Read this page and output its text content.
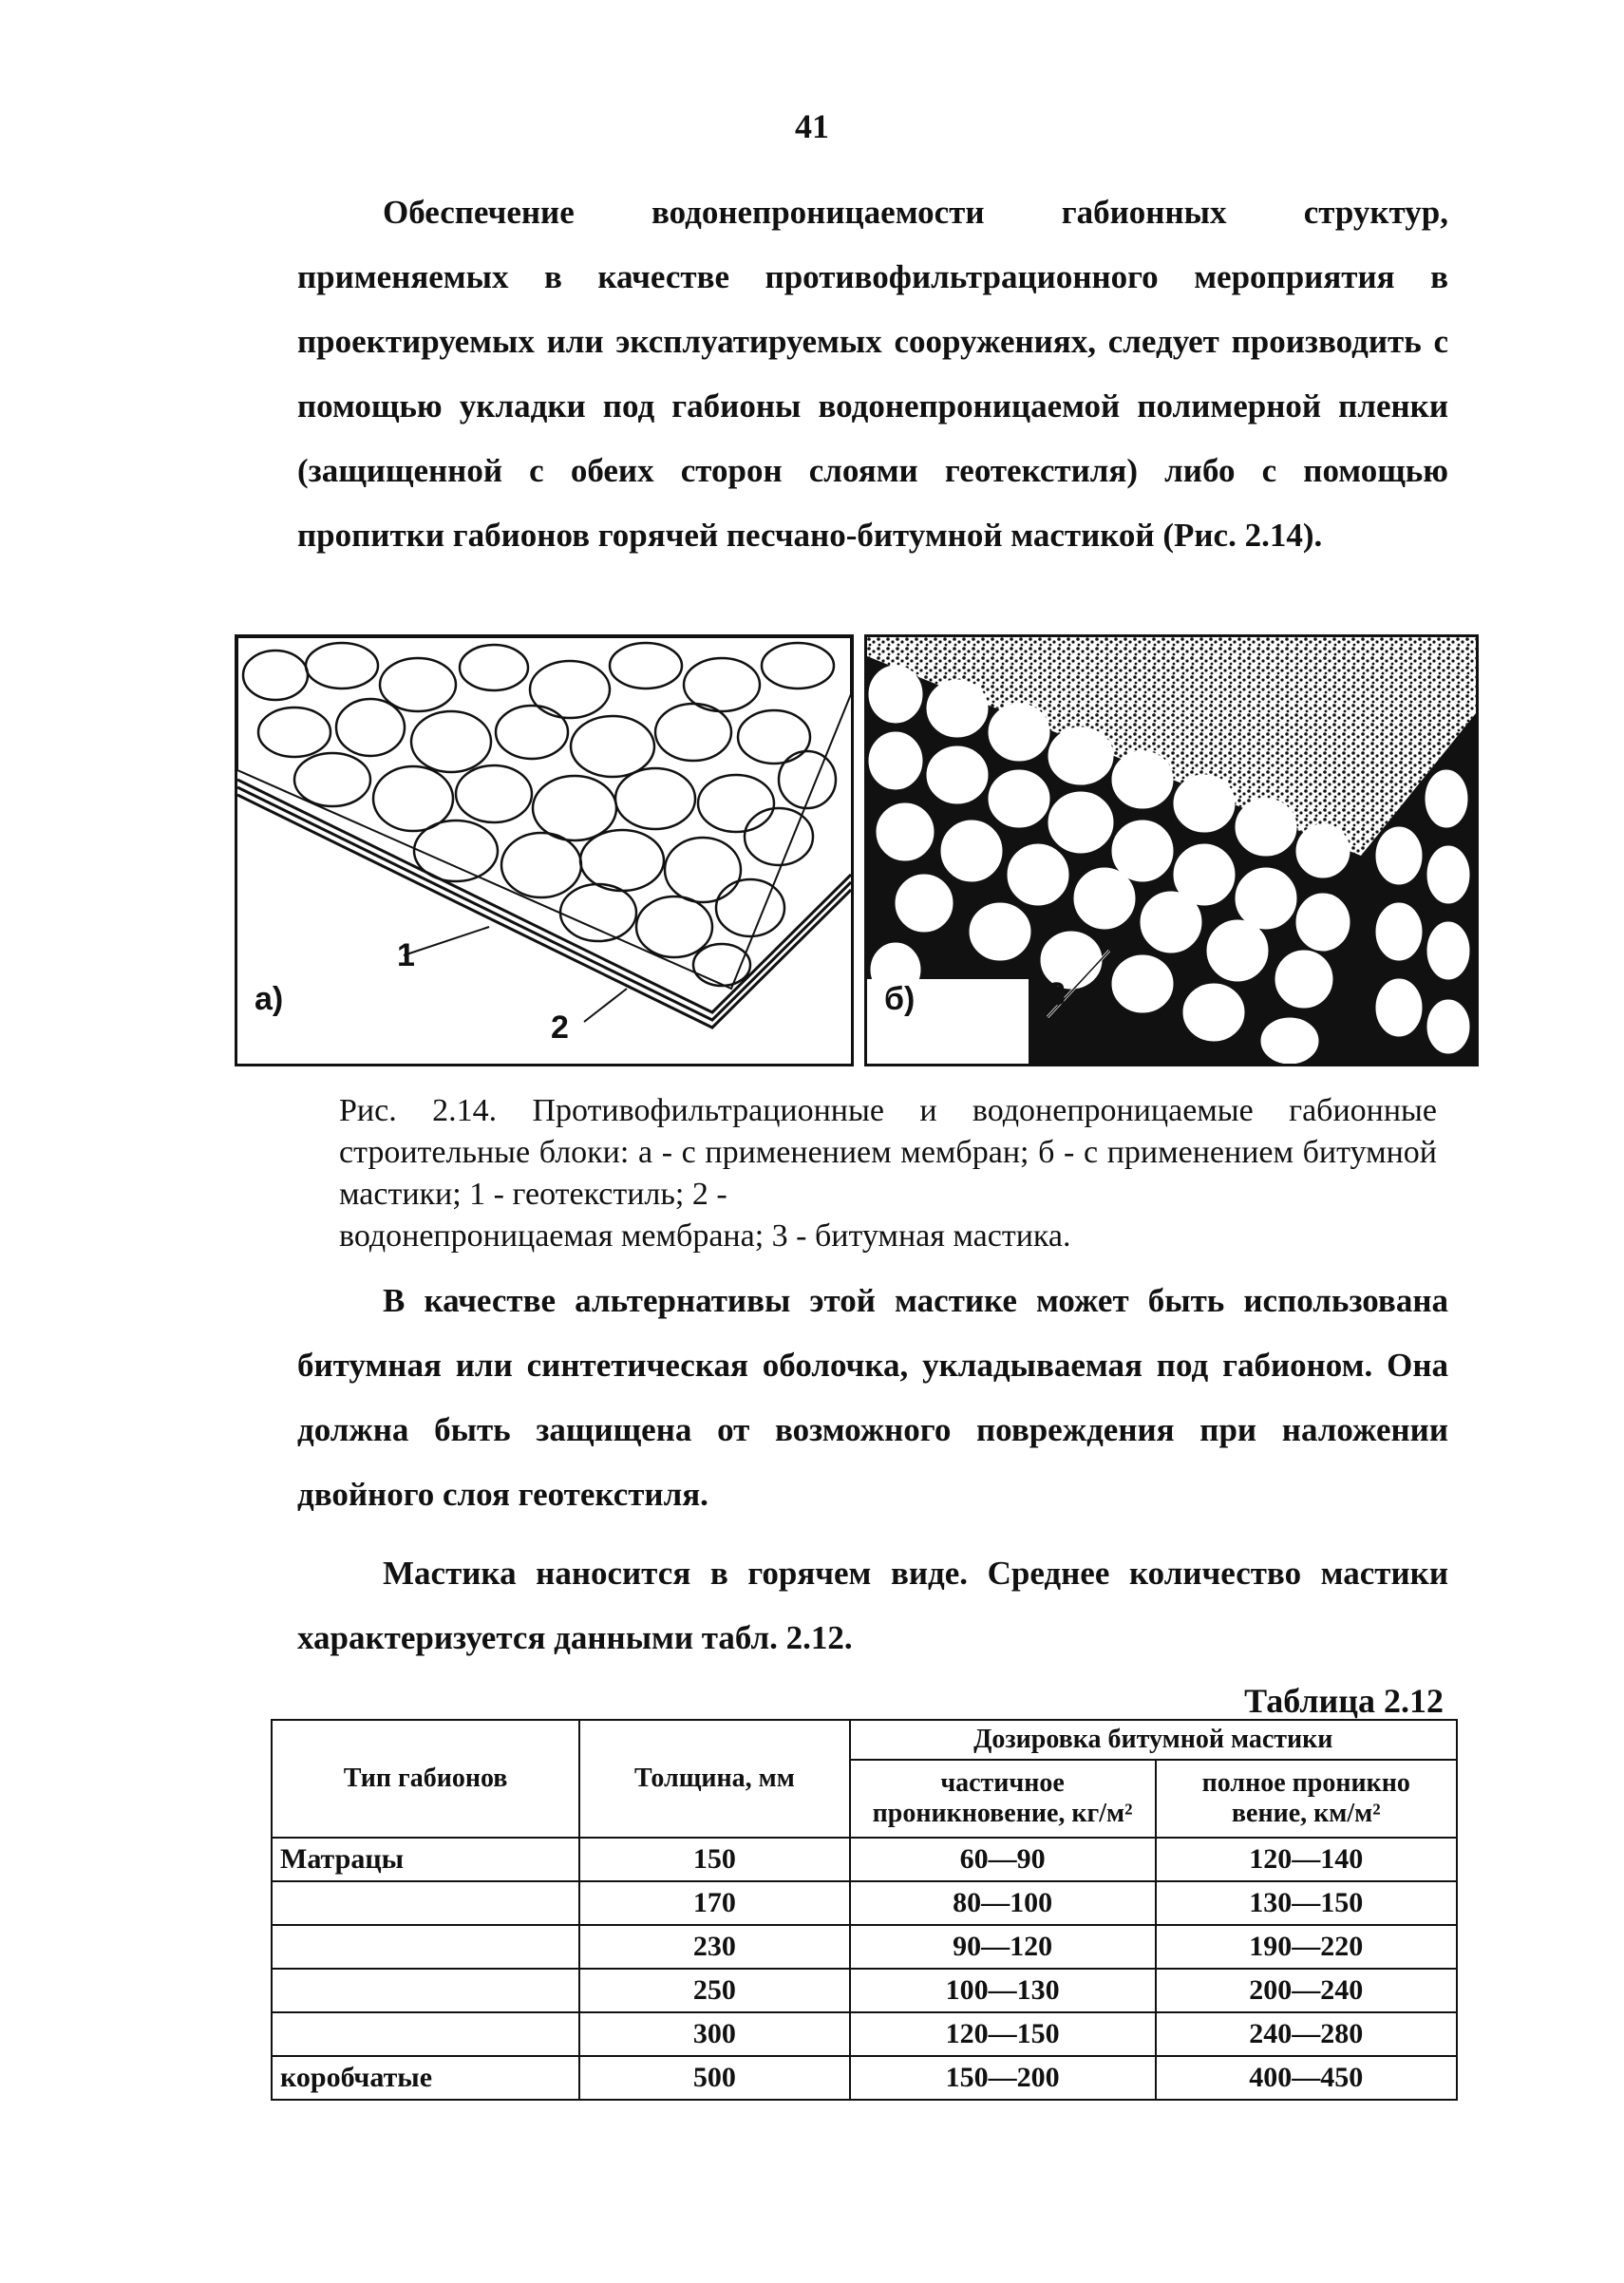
41

Обеспечение водонепроницаемости габионных структур, применяемых в качестве противофильтрационного мероприятия в проектируемых или эксплуатируемых сооружениях, следует производить с помощью укладки под габионы водонепроницаемой полимерной пленки (защищенной с обеих сторон слоями геотекстиля) либо с помощью пропитки габионов горячей песчано-битумной мастикой (Рис. 2.14).

а)
1
2
б)	3
Рис. 2.14. Противофильтрационные и водонепроницаемые габионные строительные блоки: а - с применением мембран; б - с применением битумной мастики; 1 - геотекстиль; 2 -
водонепроницаемая мембрана; 3 - битумная мастика.

В качестве альтернативы этой мастике может быть использована битумная или синтетическая оболочка, укладываемая под габионом. Она должна быть защищена от возможного повреждения при наложении двойного слоя геотекстиля.

Мастика наносится в горячем виде. Среднее количество мастики характеризуется данными табл. 2.12.

Таблица 2.12
Тип габионов	Толщина, мм	Дозировка битумной мастики	
		частичное проникновение, кг/м²	полное проникно вение, км/м²
Матрацы	150	60—90	120—140
	170	80—100	130—150
	230	90—120	190—220
	250	100—130	200—240
	300	120—150	240—280
коробчатые	500	150—200	400—450
